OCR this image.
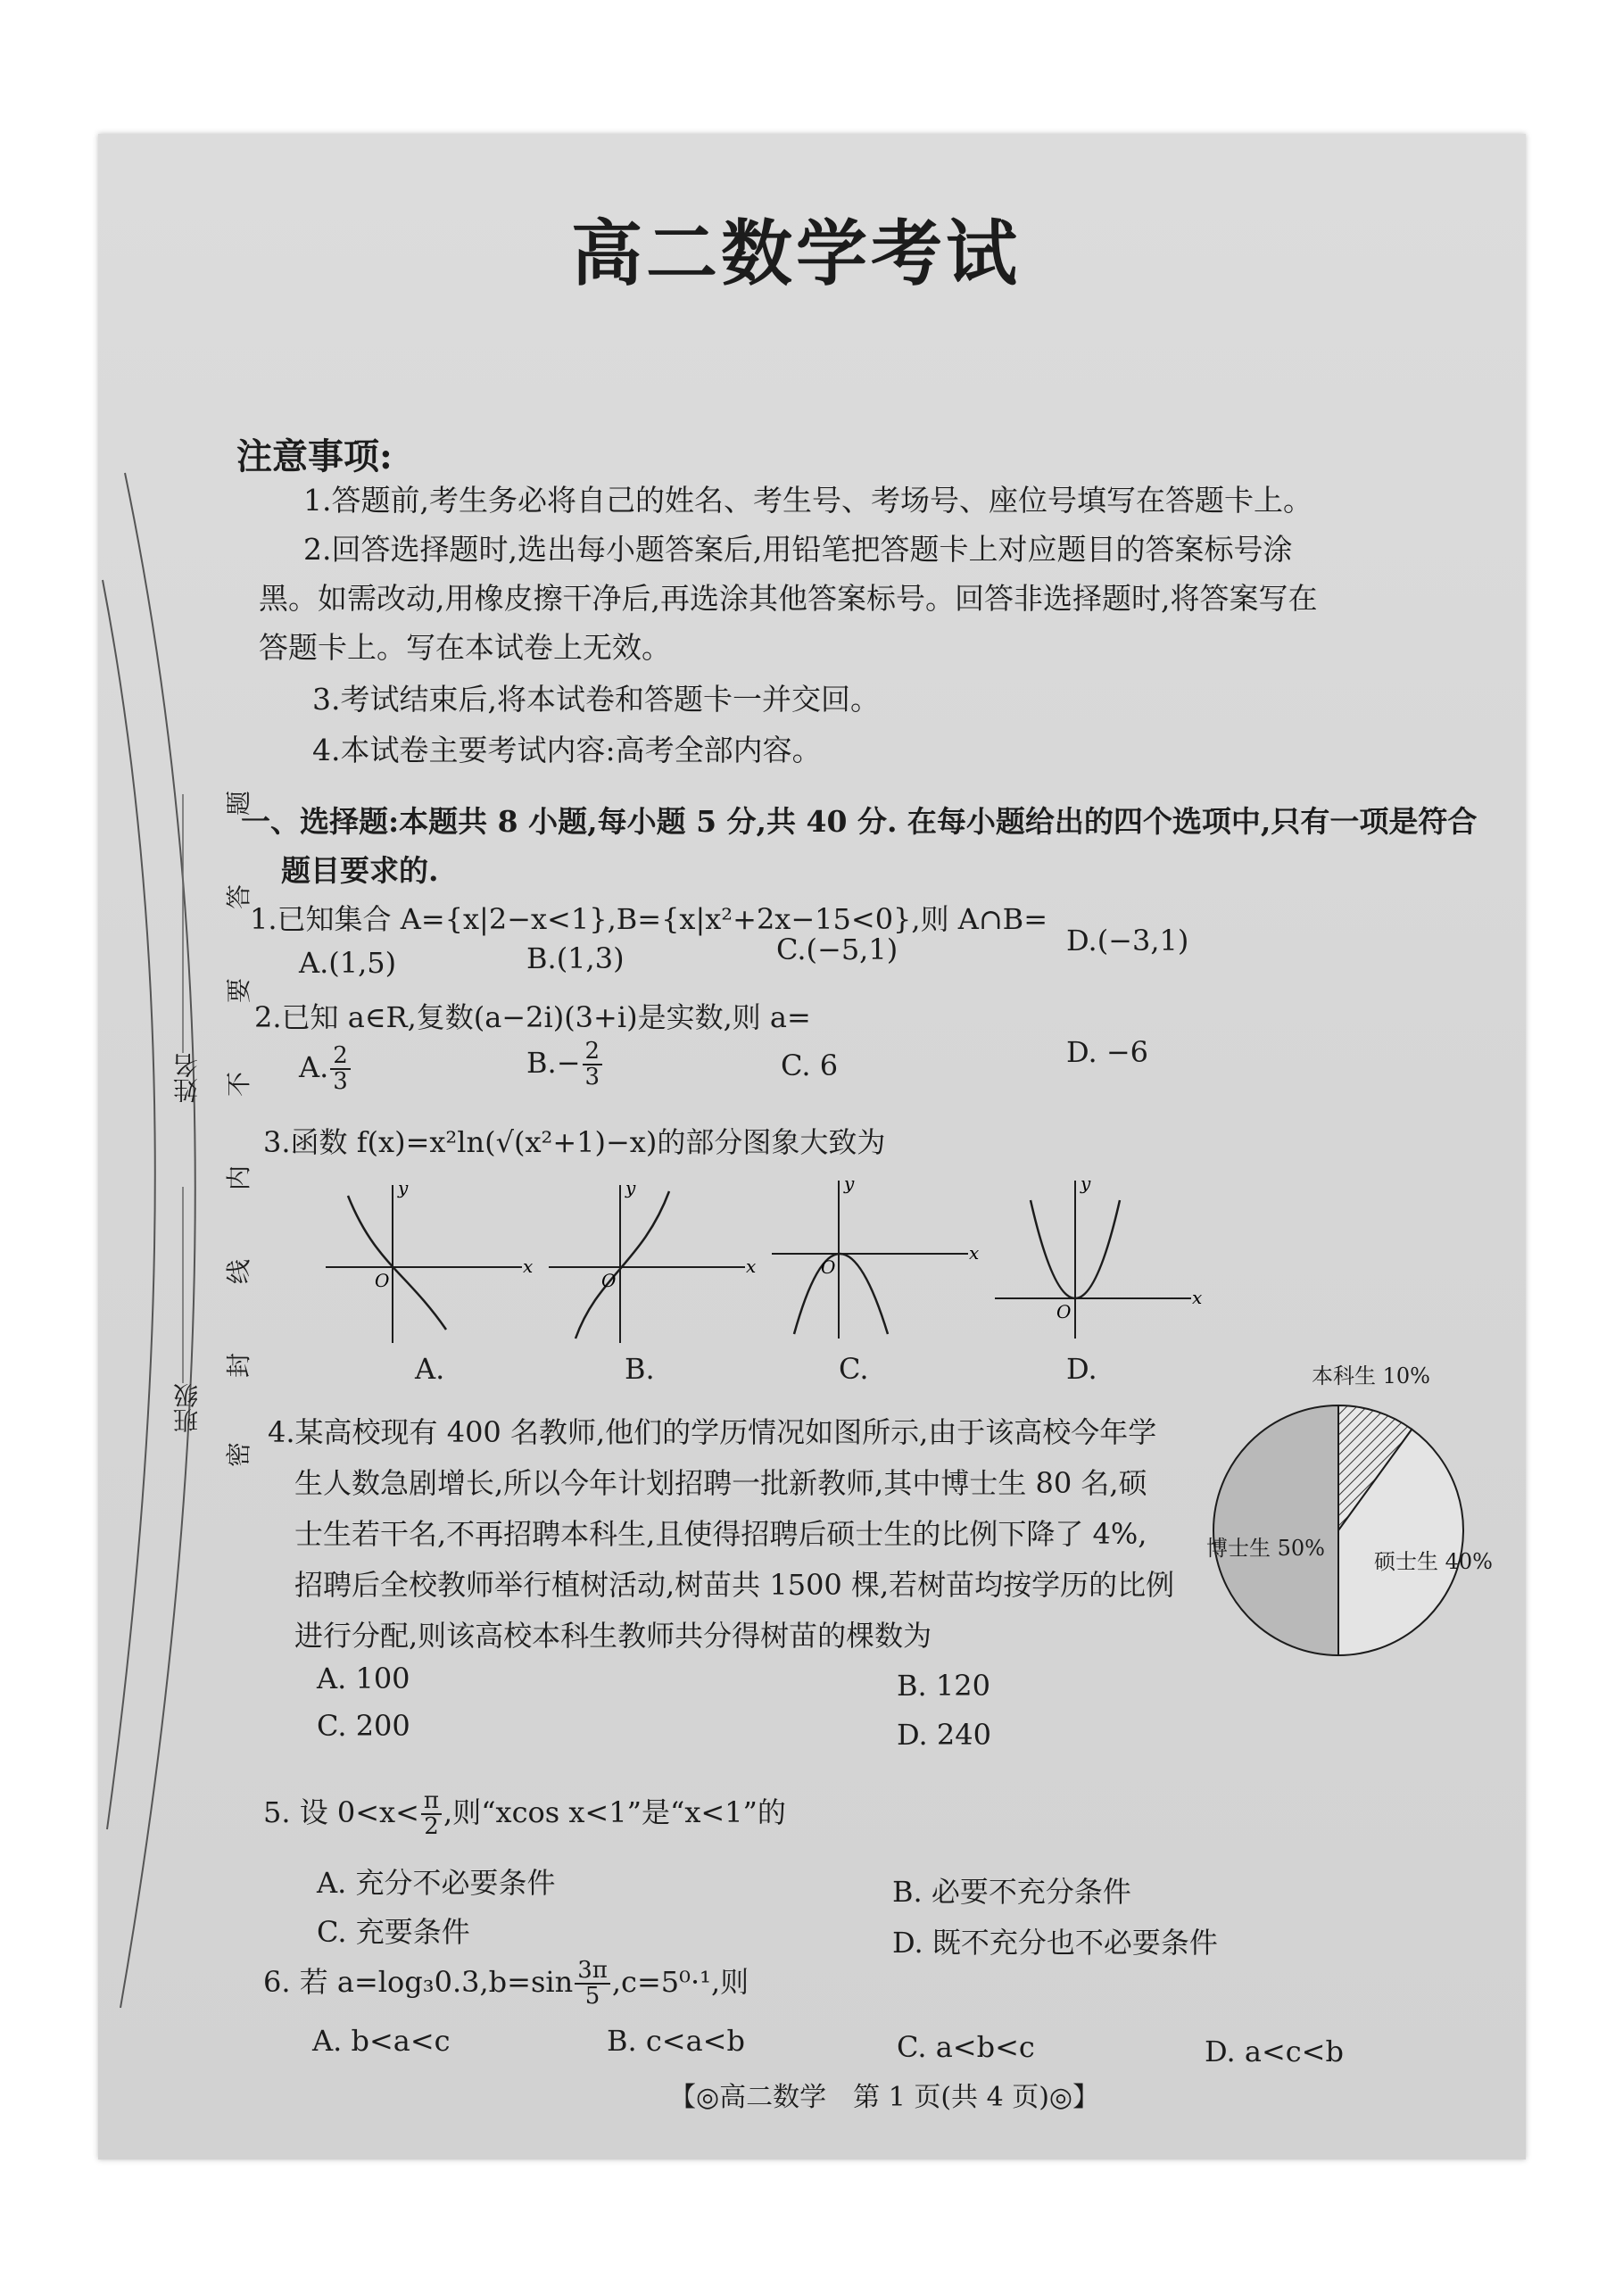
姓名
班级
密
封
线
内
不
要
答
题
高二数学考试
注意事项:
1.答题前,考生务必将自己的姓名、考生号、考场号、座位号填写在答题卡上。
2.回答选择题时,选出每小题答案后,用铅笔把答题卡上对应题目的答案标号涂
黑。如需改动,用橡皮擦干净后,再选涂其他答案标号。回答非选择题时,将答案写在
答题卡上。写在本试卷上无效。
3.考试结束后,将本试卷和答题卡一并交回。
4.本试卷主要考试内容:高考全部内容。
一、选择题:本题共 8 小题,每小题 5 分,共 40 分. 在每小题给出的四个选项中,只有一项是符合
题目要求的.
1.已知集合 A={x|2−x<1},B={x|x²+2x−15<0},则 A∩B=
A.(1,5)	B.(1,3)	C.(−5,1)	D.(−3,1)
2.已知 a∈R,复数(a−2i)(3+i)是实数,则 a=
A. $\frac{2}{3}$	$B.- \frac{2}{3}$	C. 6	D. −6
3.函数 f(x)=x²ln(√(x²+1)−x)的部分图象大致为
x
y
O
x
y
O
x
y
O
x
y
O
A.	B.	C.	D.
4.某高校现有 400 名教师,他们的学历情况如图所示,由于该高校今年学
生人数急剧增长,所以今年计划招聘一批新教师,其中博士生 80 名,硕
士生若干名,不再招聘本科生,且使得招聘后硕士生的比例下降了 4%,
招聘后全校教师举行植树活动,树苗共 1500 棵,若树苗均按学历的比例
进行分配,则该高校本科生教师共分得树苗的棵数为
A. 100	B. 120
C. 200	D. 240
本科生 10%
硕士生 40%
博士生 50%
5. 设 $0<x< \frac{\pi}{2}$ ,则“xcos x<1”是“x<1”的
A. 充分不必要条件	B. 必要不充分条件
C. 充要条件	D. 既不充分也不必要条件
6. 若 $a=\log_30.3,b=\sin \frac{3\pi}{5} ,c=5^0\cdot^1$,则
A. b<a<c	B. c<a<b	C. a<b<c	D. a<c<b
【◎高二数学　第 1 页(共 4 页)◎】
